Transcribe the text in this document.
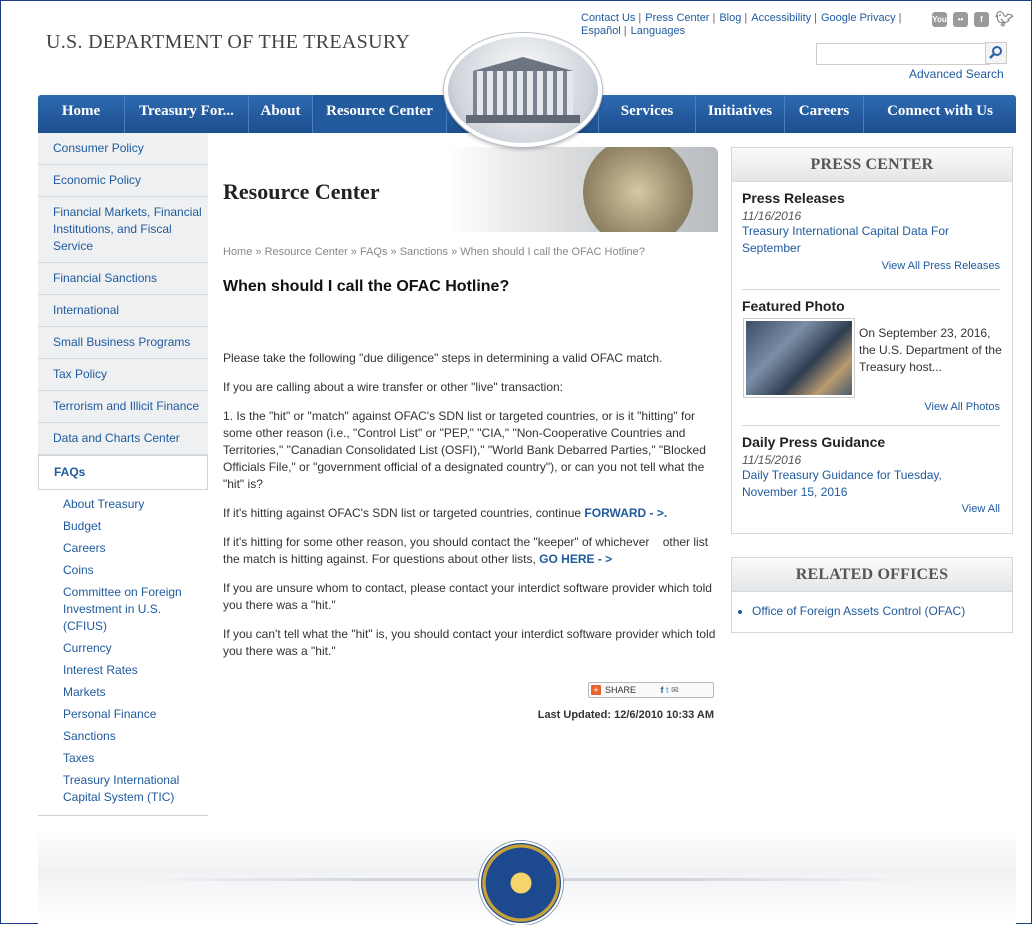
U.S. DEPARTMENT OF THE TREASURY
Contact Us | Press Center | Blog | Accessibility | Google Privacy |
Español | Languages
You	••	f 🐦︎
Advanced Search
Home	Treasury For...	About	Resource Center	Services	Initiatives	Careers	Connect with Us
Consumer Policy
Economic Policy
Financial Markets, Financial Institutions, and Fiscal Service
Financial Sanctions
International
Small Business Programs
Tax Policy
Terrorism and Illicit Finance
Data and Charts Center
FAQs
About Treasury
Budget
Careers
Coins
Committee on Foreign Investment in U.S. (CFIUS)
Currency
Interest Rates
Markets
Personal Finance
Sanctions
Taxes
Treasury International Capital System (TIC)
Resource Center
Home » Resource Center » FAQs » Sanctions » When should I call the OFAC Hotline?
When should I call the OFAC Hotline?

Please take the following "due diligence" steps in determining a valid OFAC match.

If you are calling about a wire transfer or other "live" transaction:

1. Is the "hit" or "match" against OFAC's SDN list or targeted countries, or is it "hitting" for some other reason (i.e., "Control List" or "PEP," "CIA," "Non-Cooperative Countries and Territories," "Canadian Consolidated List (OSFI)," "World Bank Debarred Parties," "Blocked Officials File," or "government official of a designated country"), or can you not tell what the "hit" is?

If it's hitting against OFAC's SDN list or targeted countries, continue FORWARD - >.

If it's hitting for some other reason, you should contact the "keeper" of whichever    other list the match is hitting against. For questions about other lists, GO HERE - >

If you are unsure whom to contact, please contact your interdict software provider which told you there was a "hit."

If you can't tell what the "hit" is, you should contact your interdict software provider which told you there was a "hit."

+ SHARE	f t ✉
Last Updated: 12/6/2010 10:33 AM
PRESS CENTER
Press Releases
11/16/2016
Treasury International Capital Data For September
View All Press Releases
Featured Photo
On September 23, 2016, the U.S. Department of the Treasury host...
View All Photos
Daily Press Guidance
11/15/2016
Daily Treasury Guidance for Tuesday, November 15, 2016
View All
RELATED OFFICES
• Office of Foreign Assets Control (OFAC)
